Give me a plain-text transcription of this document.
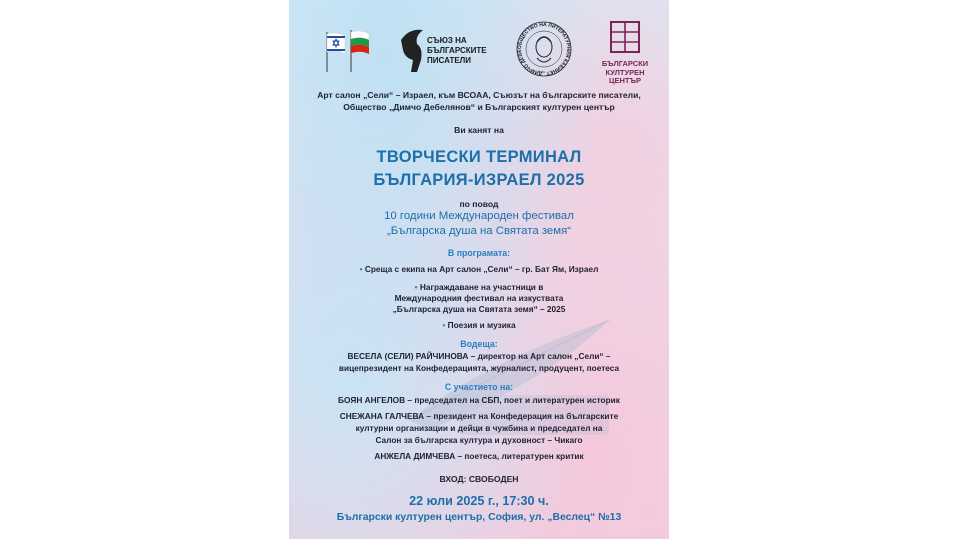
СЪЮЗ НА
БЪЛГАРСКИТЕ
ПИСАТЕЛИ
ОБЩЕСТВО НА ЛИТЕРАТУРНИЯ КАБИНЕТ „ДИМЧО ДЕБЕ
БЪЛГАРСКИ
КУЛТУРЕН
ЦЕНТЪР
Арт салон „Сели“ – Израел, към ВСОАА, Съюзът на българските писатели,
Общество „Димчо Дебелянов“ и Българският културен център
Ви канят на
ТВОРЧЕСКИ ТЕРМИНАЛ
БЪЛГАРИЯ-ИЗРАЕЛ 2025
по повод
10 години Международен фестивал
„Българска душа на Святата земя“
В програмата:
• Среща с екипа на Арт салон „Сели“ – гр. Бат Ям, Израел
• Награждаване на участници в
Международния фестивал на изкуствата
„Българска душа на Святата земя“ – 2025
• Поезия и музика
Водеща:
ВЕСЕЛА (СЕЛИ) РАЙЧИНОВА – директор на Арт салон „Сели“ –
вицепрезидент на Конфедерацията, журналист, продуцент, поетеса
С участието на:
БОЯН АНГЕЛОВ – председател на СБП, поет и литературен историк
СНЕЖАНА ГАЛЧЕВА – президент на Конфедерация на българските
културни организации и дейци в чужбина и председател на
Салон за българска култура и духовност – Чикаго
АНЖЕЛА ДИМЧЕВА – поетеса, литературен критик
ВХОД: СВОБОДЕН
22 юли 2025 г., 17:30 ч.
Български културен център, София, ул. „Веслец“ №13
